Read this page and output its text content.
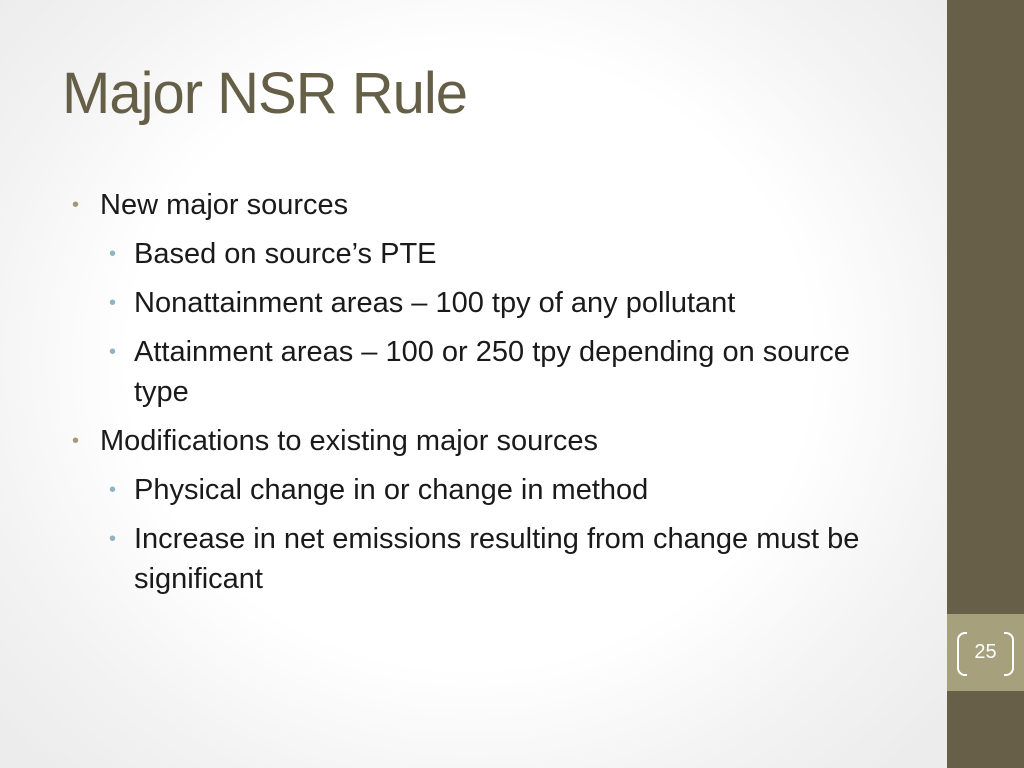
Major NSR Rule
• New major sources
• Based on source’s PTE
• Nonattainment areas – 100 tpy of any pollutant
• Attainment areas – 100 or 250 tpy depending on source type
• Modifications to existing major sources
• Physical change in or change in method
• Increase in net emissions resulting from change must be significant
25
